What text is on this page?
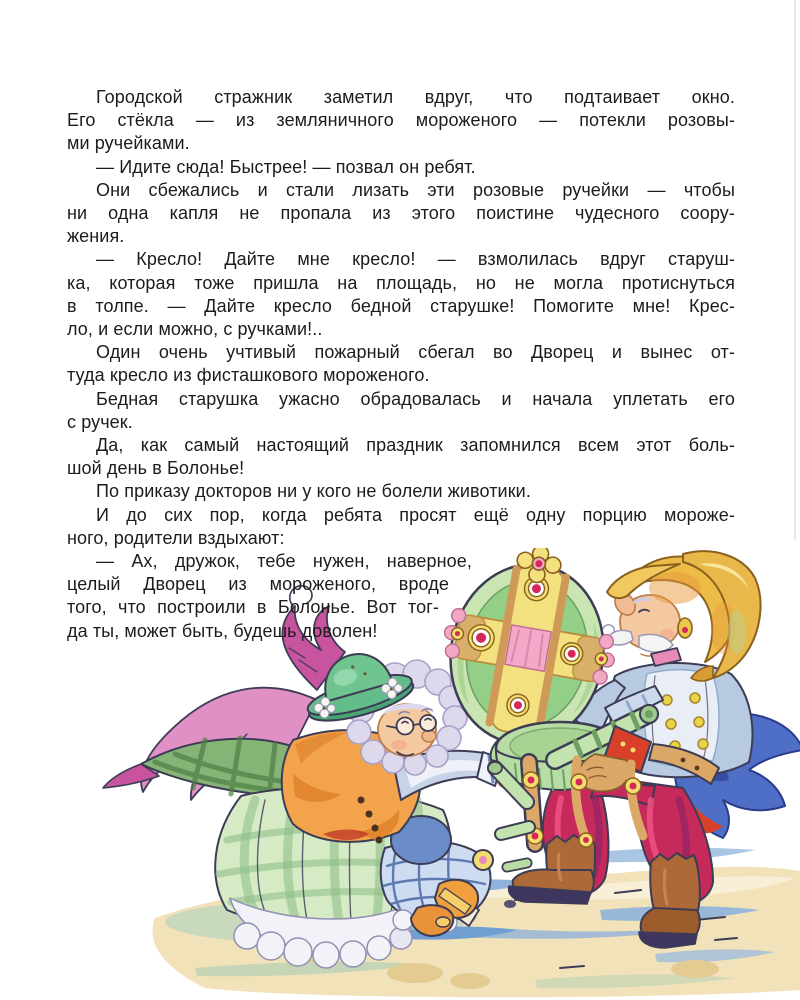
Городской стражник заметил вдруг, что подтаивает окно.
Его стёкла — из земляничного мороженого — потекли розовы-
ми ручейками.
— Идите сюда! Быстрее! — позвал он ребят.
Они сбежались и стали лизать эти розовые ручейки — чтобы
ни одна капля не пропала из этого поистине чудесного соору-
жения.
— Кресло! Дайте мне кресло! — взмолилась вдруг старуш-
ка, которая тоже пришла на площадь, но не могла протиснуться
в толпе. — Дайте кресло бедной старушке! Помогите мне! Крес-
ло, и если можно, с ручками!..
Один очень учтивый пожарный сбегал во Дворец и вынес от-
туда кресло из фисташкового мороженого.
Бедная старушка ужасно обрадовалась и начала уплетать его
с ручек.
Да, как самый настоящий праздник запомнился всем этот боль-
шой день в Болонье!
По приказу докторов ни у кого не болели животики.
И до сих пор, когда ребята просят ещё одну порцию мороже-
ного, родители вздыхают:
— Ах, дружок, тебе нужен, наверное,
целый Дворец из мороженого, вроде
того, что построили в Болонье. Вот тог-
да ты, может быть, будешь доволен!
